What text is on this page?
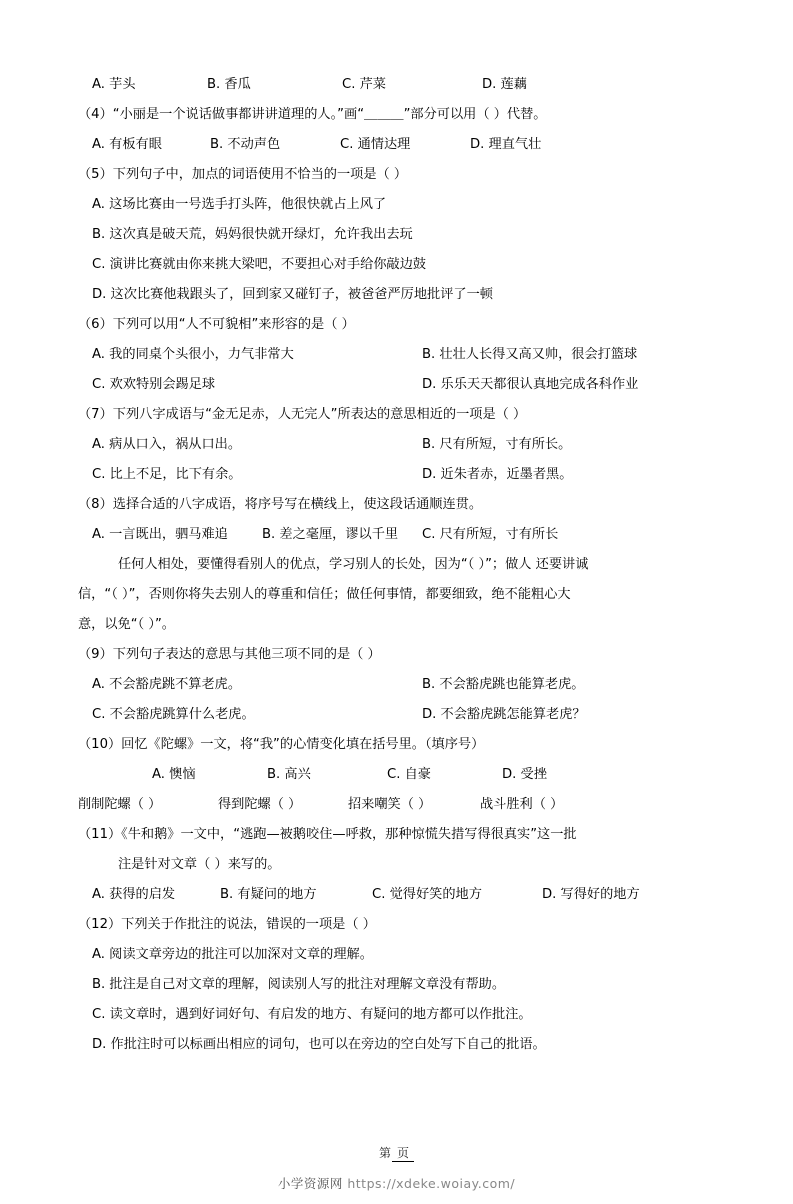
A. 芋头	B. 香瓜	C. 芹菜	D. 莲藕
（4）“小丽是一个说话做事都讲讲道理的人。”画“＿＿＿”部分可以用（ ）代替。
A. 有板有眼	B. 不动声色	C. 通情达理	D. 理直气壮
（5）下列句子中，加点的词语使用不恰当的一项是（ ）
A. 这场比赛由一号选手打头阵，他很快就占上风了
B. 这次真是破天荒，妈妈很快就开绿灯，允许我出去玩
C. 演讲比赛就由你来挑大梁吧，不要担心对手给你敲边鼓
D. 这次比赛他栽跟头了，回到家又碰钉子，被爸爸严厉地批评了一顿
（6）下列可以用“人不可貌相”来形容的是（ ）
A. 我的同桌个头很小，力气非常大	B. 壮壮人长得又高又帅，很会打篮球
C. 欢欢特别会踢足球	D. 乐乐天天都很认真地完成各科作业
（7）下列八字成语与“金无足赤，人无完人”所表达的意思相近的一项是（ ）
A. 病从口入，祸从口出。	B. 尺有所短，寸有所长。
C. 比上不足，比下有余。	D. 近朱者赤，近墨者黑。
（8）选择合适的八字成语，将序号写在横线上，使这段话通顺连贯。
A. 一言既出，驷马难追	B. 差之毫厘，谬以千里	C. 尺有所短，寸有所长
任何人相处，要懂得看别人的优点，学习别人的长处，因为“（ ）”；做人 还要讲诚
信，“（ ）”，否则你将失去别人的尊重和信任；做任何事情，都要细致，绝不能粗心大
意，以免“（ ）”。
（9）下列句子表达的意思与其他三项不同的是（ ）
A. 不会豁虎跳不算老虎。	B. 不会豁虎跳也能算老虎。
C. 不会豁虎跳算什么老虎。	D. 不会豁虎跳怎能算老虎？
（10）回忆《陀螺》一文，将“我”的心情变化填在括号里。（填序号）
A. 懊恼	B. 高兴	C. 自豪	D. 受挫
削制陀螺（ ）	得到陀螺（ ）	招来嘲笑（ ）	战斗胜利（ ）
（11）《牛和鹅》一文中，“逃跑—被鹅咬住—呼救，那种惊慌失措写得很真实”这一批
注是针对文章（ ）来写的。
A. 获得的启发	B. 有疑问的地方	C. 觉得好笑的地方	D. 写得好的地方
（12）下列关于作批注的说法，错误的一项是（ ）
A. 阅读文章旁边的批注可以加深对文章的理解。
B. 批注是自己对文章的理解，阅读别人写的批注对理解文章没有帮助。
C. 读文章时，遇到好词好句、有启发的地方、有疑问的地方都可以作批注。
D. 作批注时可以标画出相应的词句，也可以在旁边的空白处写下自己的批语。
第 页
小学资源网 https://xdeke.woiay.com/
